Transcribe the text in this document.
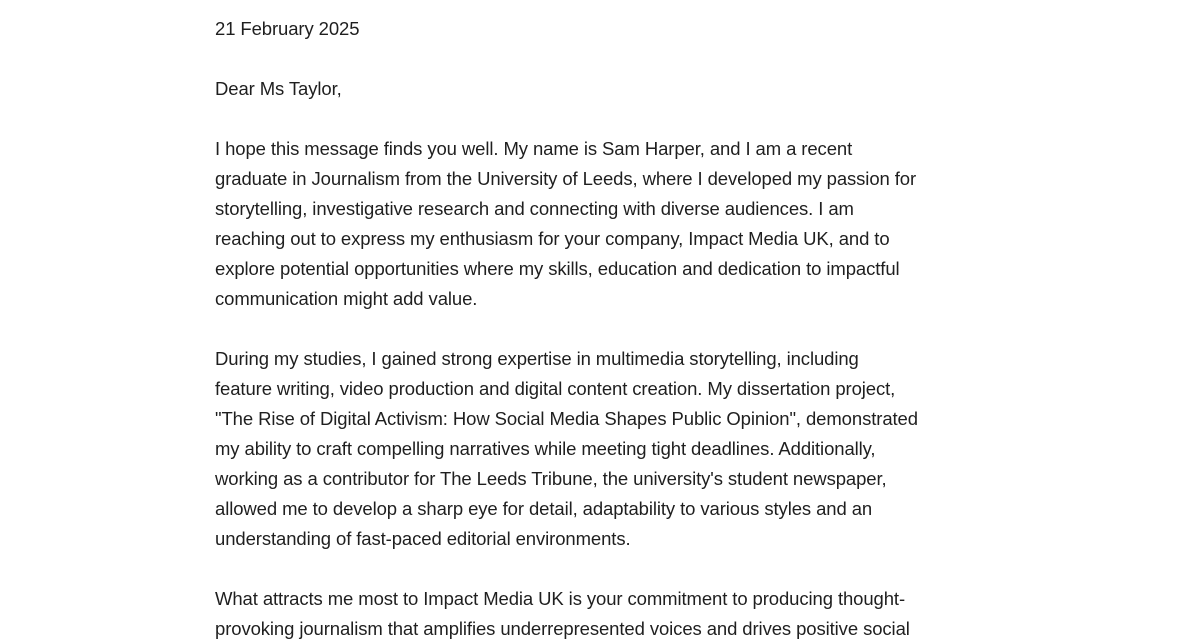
21 February 2025
Dear Ms Taylor,
I hope this message finds you well. My name is Sam Harper, and I am a recent
graduate in Journalism from the University of Leeds, where I developed my passion for
storytelling, investigative research and connecting with diverse audiences. I am
reaching out to express my enthusiasm for your company, Impact Media UK, and to
explore potential opportunities where my skills, education and dedication to impactful
communication might add value.
During my studies, I gained strong expertise in multimedia storytelling, including
feature writing, video production and digital content creation. My dissertation project,
"The Rise of Digital Activism: How Social Media Shapes Public Opinion", demonstrated
my ability to craft compelling narratives while meeting tight deadlines. Additionally,
working as a contributor for The Leeds Tribune, the university's student newspaper,
allowed me to develop a sharp eye for detail, adaptability to various styles and an
understanding of fast-paced editorial environments.
What attracts me most to Impact Media UK is your commitment to producing thought-
provoking journalism that amplifies underrepresented voices and drives positive social
